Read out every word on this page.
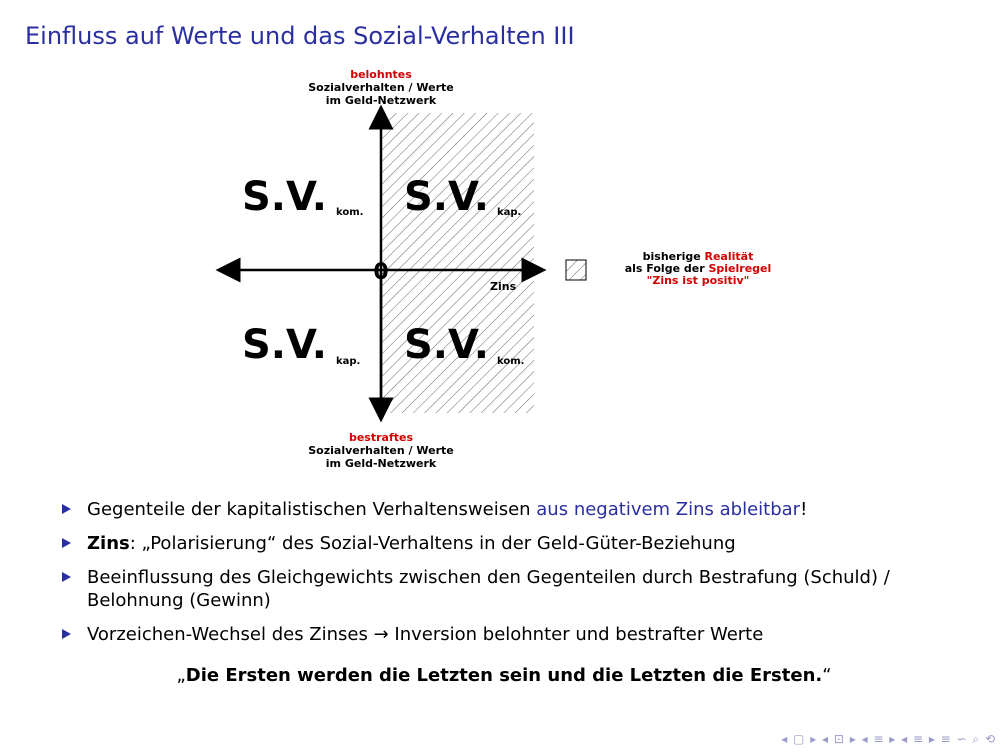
Einfluss auf Werte und das Sozial-Verhalten III
0
belohntes
Sozialverhalten / Werte
im Geld-Netzwerk
bestraftes
Sozialverhalten / Werte
im Geld-Netzwerk
S.V. kom. S.V. kap.
S.V. kap. S.V. kom.
Zins
bisherige Realität
als Folge der Spielregel
"Zins ist positiv"
Gegenteile der kapitalistischen Verhaltensweisen aus negativem Zins ableitbar!
Zins: „Polarisierung“ des Sozial-Verhaltens in der Geld-Güter-Beziehung
Beeinflussung des Gleichgewichts zwischen den Gegenteilen durch Bestrafung (Schuld) / Belohnung (Gewinn)
Vorzeichen-Wechsel des Zinses → Inversion belohnter und bestrafter Werte
„Die Ersten werden die Letzten sein und die Letzten die Ersten.“
◂ ▢ ▸ ◂ ⊡ ▸ ◂ ≡ ▸ ◂ ≡ ▸ ≡ ∽ ⌕ ⟲
